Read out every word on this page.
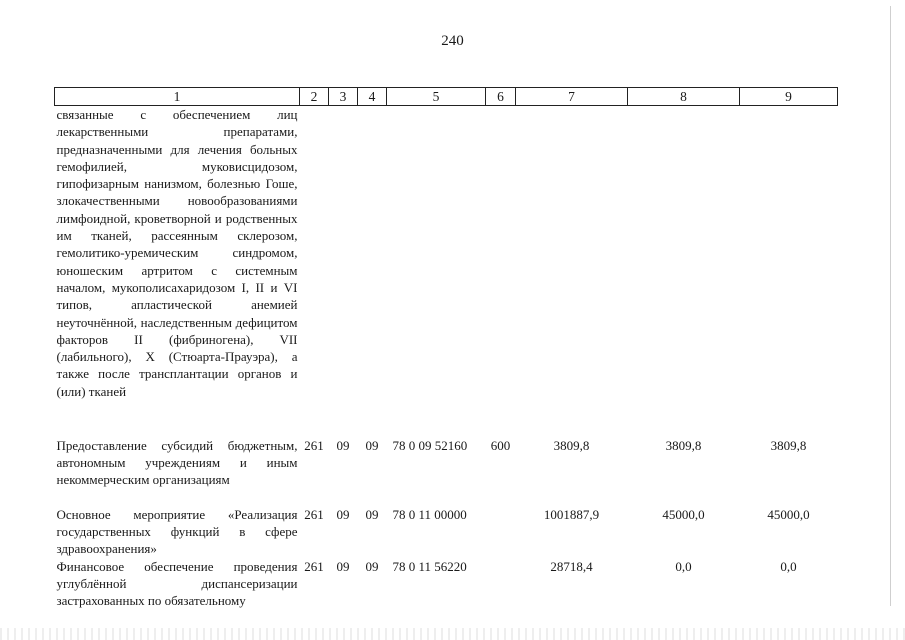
240
1	2	3	4	5	6	7	8	9
связанные с обеспечением лиц лекарственными препаратами, предназначенными для лечения больных гемофилией, муковисцидозом, гипофизарным нанизмом, болезнью Гоше, злокачественными новообразованиями лимфоидной, кроветворной и родственных им тканей, рассеянным склерозом, гемолитико-уремическим синдромом, юношеским артритом с системным началом, мукополисахаридозом I, II и VI типов, апластической анемией неуточнённой, наследственным дефицитом факторов II (фибриногена), VII (лабильного), X (Стюарта-Прауэра), а также после трансплантации органов и (или) тканей								
Предоставление субсидий бюджетным, автономным учреждениям и иным некоммерческим организациям	261	09	09	78 0 09 52160	600	3809,8	3809,8	3809,8
Основное мероприятие «Реализация государственных функций в сфере здравоохранения»	261	09	09	78 0 11 00000		1001887,9	45000,0	45000,0
Финансовое обеспечение проведения углублённой диспансеризации застрахованных по обязательному	261	09	09	78 0 11 56220		28718,4	0,0	0,0
